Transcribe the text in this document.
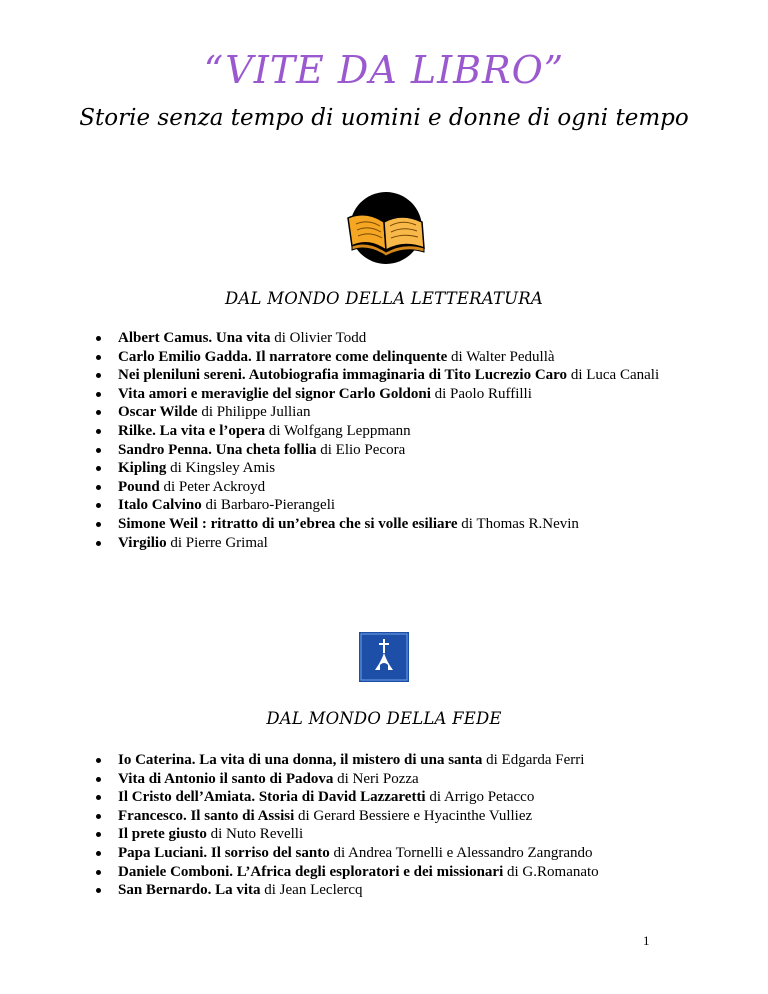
“VITE DA LIBRO”
Storie senza tempo di uomini e donne di ogni tempo
DAL MONDO DELLA LETTERATURA
Albert Camus. Una vita di Olivier Todd
Carlo Emilio Gadda. Il narratore come delinquente di Walter Pedullà
Nei pleniluni sereni. Autobiografia immaginaria di Tito Lucrezio Caro di Luca Canali
Vita amori e meraviglie del signor Carlo Goldoni di Paolo Ruffilli
Oscar Wilde di Philippe Jullian
Rilke. La vita e l’opera di Wolfgang Leppmann
Sandro Penna. Una cheta follia di Elio Pecora
Kipling di Kingsley Amis
Pound di Peter Ackroyd
Italo Calvino di Barbaro-Pierangeli
Simone Weil : ritratto di un’ebrea che si volle esiliare di Thomas R.Nevin
Virgilio di Pierre Grimal
DAL MONDO DELLA FEDE
Io Caterina. La vita di una donna, il mistero di una santa di Edgarda Ferri
Vita di Antonio il santo di Padova di Neri Pozza
Il Cristo dell’Amiata. Storia di David Lazzaretti di Arrigo Petacco
Francesco. Il santo di Assisi di Gerard Bessiere e Hyacinthe Vulliez
Il prete giusto di Nuto Revelli
Papa Luciani. Il sorriso del santo di Andrea Tornelli e Alessandro Zangrando
Daniele Comboni. L’Africa degli esploratori e dei missionari di G.Romanato
San Bernardo. La vita di Jean Leclercq
1
